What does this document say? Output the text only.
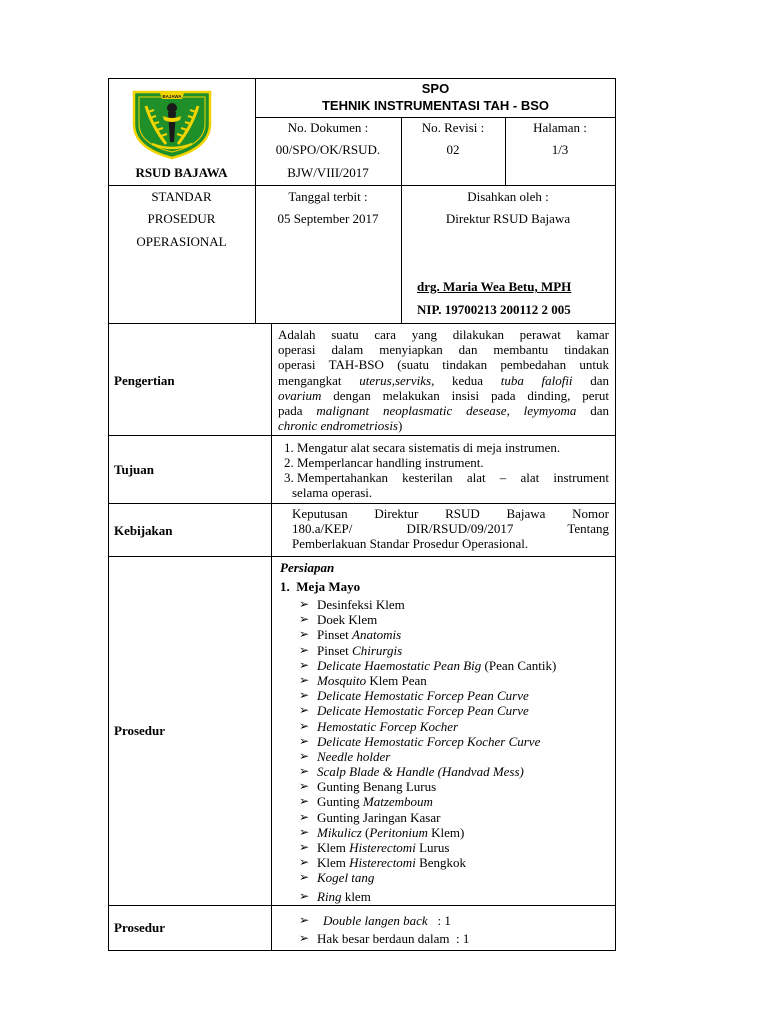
BAJAWA
RSUD BAJAWA
SPO
TEHNIK INSTRUMENTASI TAH - BSO
No. Dokumen :
00/SPO/OK/RSUD.
BJW/VIII/2017
No. Revisi :
02
Halaman :
1/3
STANDAR
PROSEDUR
OPERASIONAL
Tanggal terbit :
05 September 2017
Disahkan oleh :
Direktur RSUD Bajawa
drg. Maria Wea Betu, MPH
NIP. 19700213 200112 2 005
Pengertian
Adalah suatu cara yang dilakukan perawat kamar
operasi dalam menyiapkan dan membantu tindakan
operasi TAH-BSO (suatu tindakan pembedahan untuk
mengangkat uterus,serviks, kedua tuba falofii dan
ovarium dengan melakukan insisi pada dinding, perut
pada malignant neoplasmatic desease, leymyoma dan
chronic endrometriosis)
Tujuan
1. Mengatur alat secara sistematis di meja instrumen.
2. Memperlancar handling instrument.
3. Mempertahankan kesterilan alat – alat instrument
selama operasi.
Kebijakan
Keputusan Direktur RSUD Bajawa Nomor
180.a/KEP/ DIR/RSUD/09/2017 Tentang
Pemberlakuan Standar Prosedur Operasional.
Prosedur
Persiapan
1. Meja Mayo
➢ Desinfeksi Klem
➢ Doek Klem
➢ Pinset Anatomis
➢ Pinset Chirurgis
➢ Delicate Haemostatic Pean Big (Pean Cantik)
➢ Mosquito Klem Pean
➢ Delicate Hemostatic Forcep Pean Curve
➢ Delicate Hemostatic Forcep Pean Curve
➢ Hemostatic Forcep Kocher
➢ Delicate Hemostatic Forcep Kocher Curve
➢ Needle holder
➢ Scalp Blade & Handle (Handvad Mess)
➢ Gunting Benang Lurus
➢ Gunting Matzemboum
➢ Gunting Jaringan Kasar
➢ Mikulicz (Peritonium Klem)
➢ Klem Histerectomi Lurus
➢ Klem Histerectomi Bengkok
➢ Kogel tang
➢ Ring klem
Prosedur	➢ Double langen back   : 1
➢ Hak besar berdaun dalam  : 1
